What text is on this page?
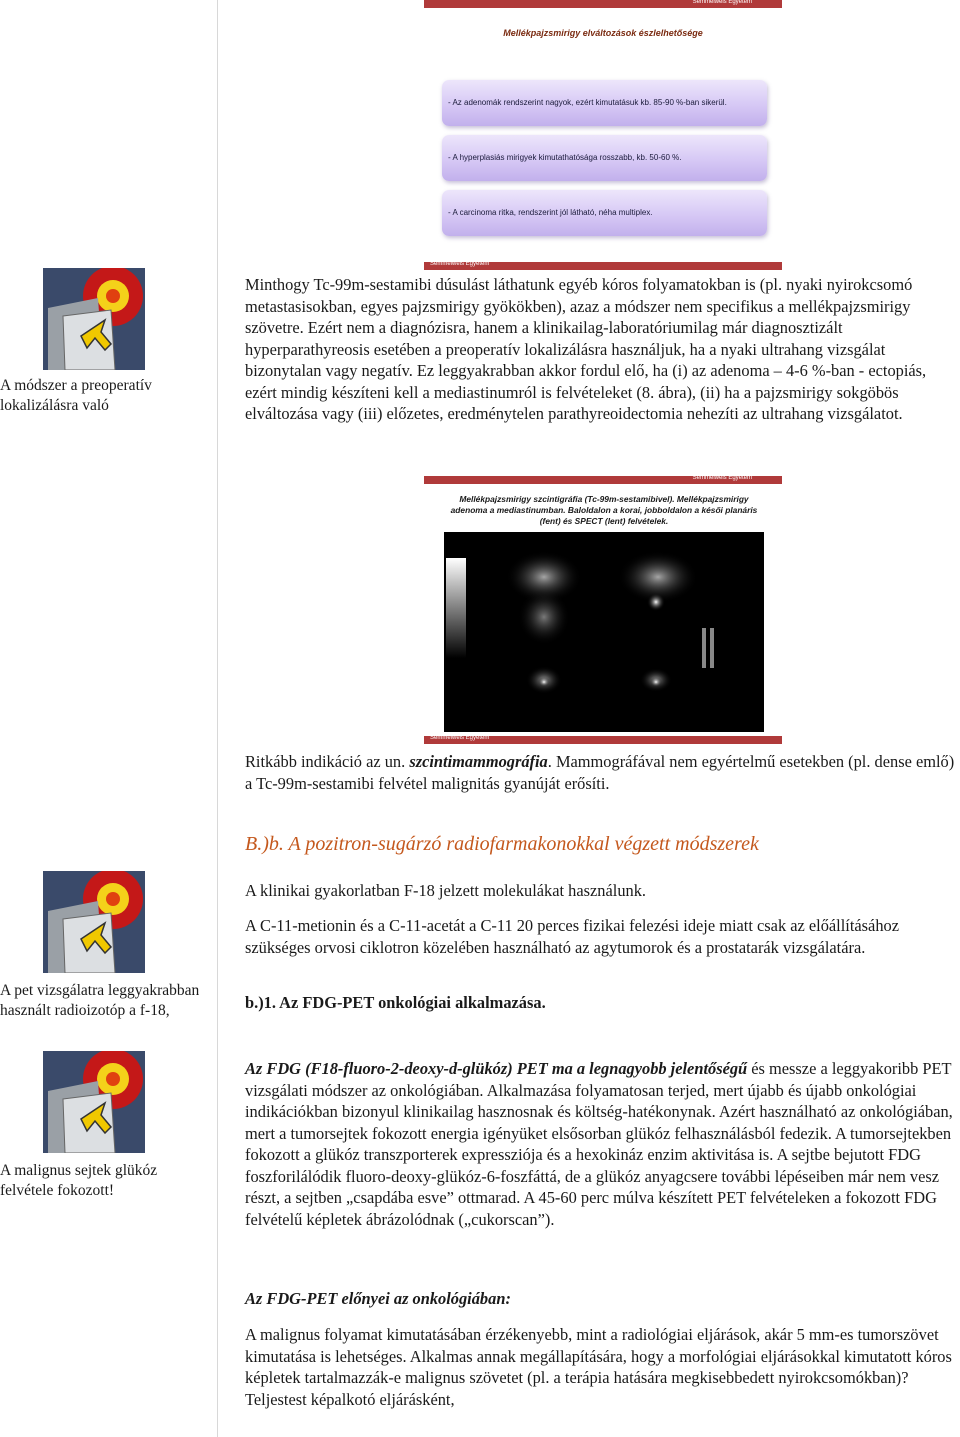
Semmelweis Egyetem
Mellékpajzsmirigy elváltozások észlelhetősége
- Az adenomák rendszerint nagyok, ezért kimutatásuk kb. 85-90 %-ban sikerül.
- A hyperplasiás mirigyek kimutathatósága rosszabb, kb. 50-60 %.
- A carcinoma ritka, rendszerint jól látható, néha multiplex.
Semmelweis Egyetem
A módszer a preoperatív lokalizálásra való

Minthogy Tc-99m-sestamibi dúsulást láthatunk egyéb kóros folyamatokban is (pl. nyaki nyirokcsomó metastasisokban, egyes pajzsmirigy gyökökben), azaz a módszer nem specifikus a mellékpajzsmirigy szövetre. Ezért nem a diagnózisra, hanem a klinikailag-laboratóriumilag már diagnosztizált hyperparathyreosis esetében a preoperatív lokalizálásra használjuk, ha a nyaki ultrahang vizsgálat bizonytalan vagy negatív. Ez leggyakrabban akkor fordul elő, ha (i) az adenoma – 4-6 %-ban - ectopiás, ezért mindig készíteni kell a mediastinumról is felvételeket (8. ábra), (ii) ha a pajzsmirigy sokgöbös elváltozása vagy (iii) előzetes, eredménytelen parathyreoidectomia nehezíti az ultrahang vizsgálatot.

Semmelweis Egyetem
Mellékpajzsmirigy szcintigráfia (Tc-99m-sestamibivel). Mellékpajzsmirigy adenoma a mediastinumban. Baloldalon a korai, jobboldalon a késői planáris (fent) és SPECT (lent) felvételek.
Semmelweis Egyetem

Ritkább indikáció az un. szcintimammográfia. Mammográfával nem egyértelmű esetekben (pl. dense emlő) a Tc-99m-sestamibi felvétel malignitás gyanúját erősíti.

B.)b. A pozitron-sugárzó radiofarmakonokkal végzett módszerek

A klinikai gyakorlatban F-18 jelzett molekulákat használunk.

A C-11-metionin és a C-11-acetát a C-11 20 perces fizikai felezési ideje miatt csak az előállításához szükséges orvosi ciklotron közelében használható az agytumorok és a prostatarák vizsgálatára.

b.)1. Az FDG-PET onkológiai alkalmazása.

A pet vizsgálatra leggyakrabban használt radioizotóp a f-18,
A malignus sejtek glükóz felvétele fokozott!

Az FDG (F18-fluoro-2-deoxy-d-glükóz) PET ma a legnagyobb jelentőségű és messze a leggyakoribb PET vizsgálati módszer az onkológiában. Alkalmazása folyamatosan terjed, mert újabb és újabb onkológiai indikációkban bizonyul klinikailag hasznosnak és költség-hatékonynak. Azért használható az onkológiában, mert a tumorsejtek fokozott energia igényüket elsősorban glükóz felhasználásból fedezik. A tumorsejtekben fokozott a glükóz transzporterek expressziója és a hexokináz enzim aktivitása is. A sejtbe bejutott FDG foszforilálódik fluoro-deoxy-glükóz-6-foszfáttá, de a glükóz anyagcsere további lépéseiben már nem vesz részt, a sejtben „csapdába esve” ottmarad. A 45-60 perc múlva készített PET felvételeken a fokozott FDG felvételű képletek ábrázolódnak („cukorscan”).

Az FDG-PET előnyei az onkológiában:

A malignus folyamat kimutatásában érzékenyebb, mint a radiológiai eljárások, akár 5 mm-es tumorszövet kimutatása is lehetséges. Alkalmas annak megállapítására, hogy a morfológiai eljárásokkal kimutatott kóros képletek tartalmazzák-e malignus szövetet (pl. a terápia hatására megkisebbedett nyirokcsomókban)? Teljestest képalkotó eljárásként,
